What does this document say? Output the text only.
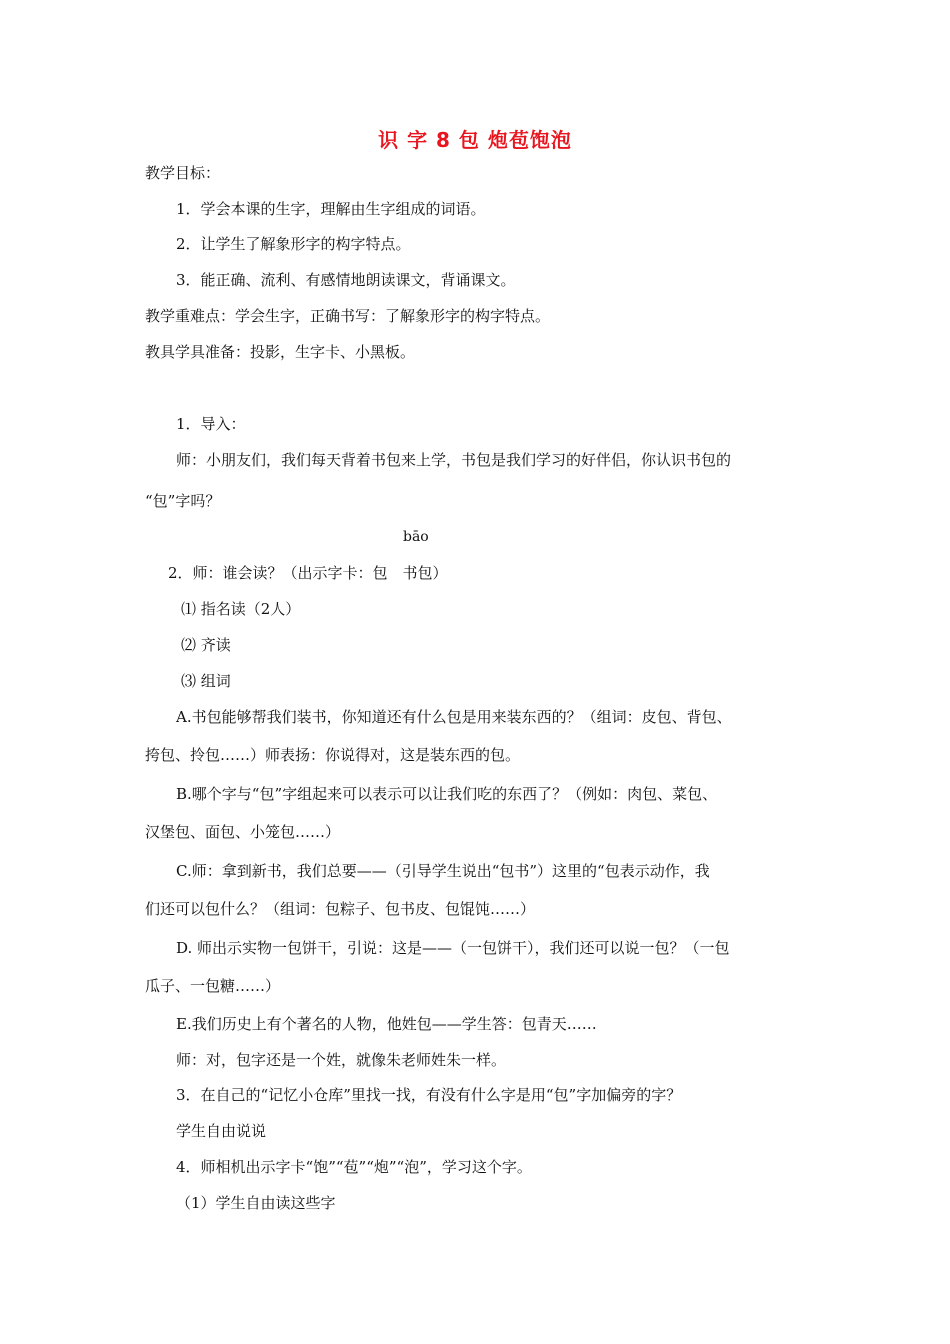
识 字 8 包 炮苞饱泡
教学目标：
1．学会本课的生字，理解由生字组成的词语。
2．让学生了解象形字的构字特点。
3．能正确、流利、有感情地朗读课文，背诵课文。
教学重难点：学会生字，正确书写：了解象形字的构字特点。
教具学具准备：投影，生字卡、小黑板。
1．导入：
师：小朋友们，我们每天背着书包来上学，书包是我们学习的好伴侣，你认识书包的
“包”字吗？
bāo
2．师：谁会读？（出示字卡：包　书包）
⑴ 指名读（2人）
⑵ 齐读
⑶ 组词
A.书包能够帮我们装书，你知道还有什么包是用来装东西的？（组词：皮包、背包、
挎包、拎包……）师表扬：你说得对，这是装东西的包。
B.哪个字与“包”字组起来可以表示可以让我们吃的东西了？（例如：肉包、菜包、
汉堡包、面包、小笼包……）
C.师：拿到新书，我们总要——（引导学生说出“包书”）这里的“包表示动作，我
们还可以包什么？（组词：包粽子、包书皮、包馄饨……）
D. 师出示实物一包饼干，引说：这是——（一包饼干），我们还可以说一包？（一包
瓜子、一包糖……）
E.我们历史上有个著名的人物，他姓包——学生答：包青天……
师：对，包字还是一个姓，就像朱老师姓朱一样。
3．在自己的“记忆小仓库”里找一找，有没有什么字是用“包”字加偏旁的字？
学生自由说说
4．师相机出示字卡“饱”“苞”“炮”“泡”，学习这个字。
（1）学生自由读这些字
